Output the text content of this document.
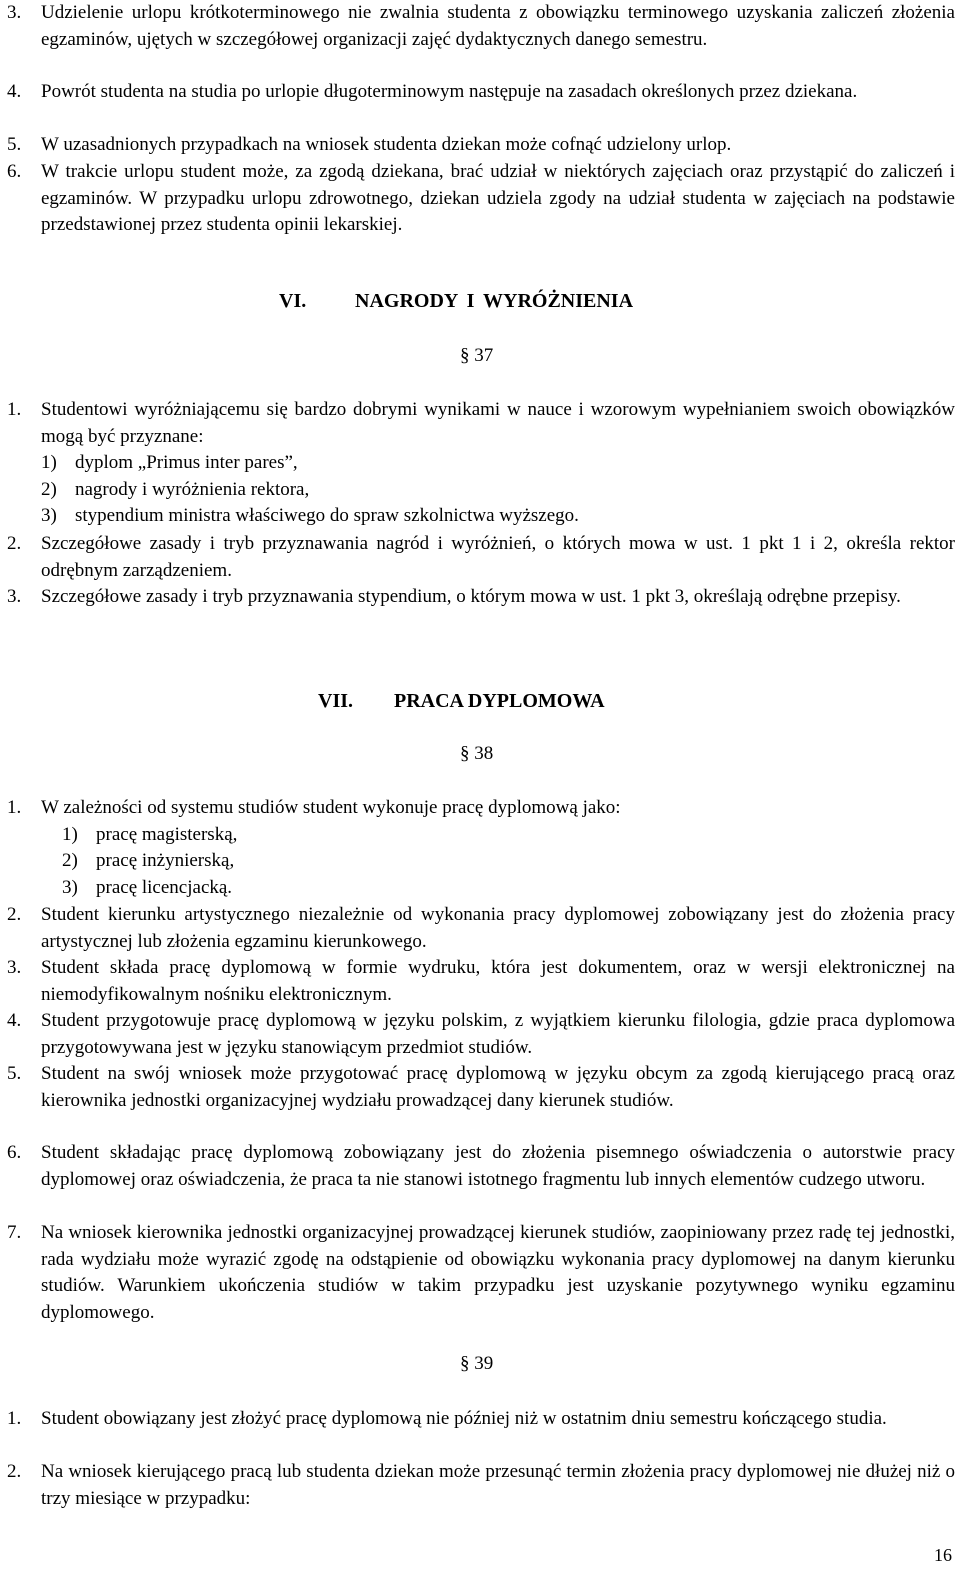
3. Udzielenie urlopu krótkoterminowego nie zwalnia studenta z obowiązku terminowego uzyskania zaliczeń złożenia egzaminów, ujętych w szczegółowej organizacji zajęć dydaktycznych danego semestru.
4. Powrót studenta na studia po urlopie długoterminowym następuje na zasadach określonych przez dziekana.
5. W uzasadnionych przypadkach na wniosek studenta dziekan może cofnąć udzielony urlop.
6. W trakcie urlopu student może, za zgodą dziekana, brać udział w niektórych zajęciach oraz przystąpić do zaliczeń i egzaminów. W przypadku urlopu zdrowotnego, dziekan udziela zgody na udział studenta w zajęciach na podstawie przedstawionej przez studenta opinii lekarskiej.
VI. NAGRODY I WYRÓŻNIENIA
§ 37
1. Studentowi wyróżniającemu się bardzo dobrymi wynikami w nauce i wzorowym wypełnianiem swoich obowiązków mogą być przyznane:
1) dyplom „Primus inter pares”,
2) nagrody i wyróżnienia rektora,
3) stypendium ministra właściwego do spraw szkolnictwa wyższego.
2. Szczegółowe zasady i tryb przyznawania nagród i wyróżnień, o których mowa w ust. 1 pkt 1 i 2, określa rektor odrębnym zarządzeniem.
3. Szczegółowe zasady i tryb przyznawania stypendium, o którym mowa w ust. 1 pkt 3, określają odrębne przepisy.
VII. PRACA DYPLOMOWA
§ 38
1. W zależności od systemu studiów student wykonuje pracę dyplomową jako:
1) pracę magisterską,
2) pracę inżynierską,
3) pracę licencjacką.
2. Student kierunku artystycznego niezależnie od wykonania pracy dyplomowej zobowiązany jest do złożenia pracy artystycznej lub złożenia egzaminu kierunkowego.
3. Student składa pracę dyplomową w formie wydruku, która jest dokumentem, oraz w wersji elektronicznej na niemodyfikowalnym nośniku elektronicznym.
4. Student przygotowuje pracę dyplomową w języku polskim, z wyjątkiem kierunku filologia, gdzie praca dyplomowa przygotowywana jest w języku stanowiącym przedmiot studiów.
5. Student na swój wniosek może przygotować pracę dyplomową w języku obcym za zgodą kierującego pracą oraz kierownika jednostki organizacyjnej wydziału prowadzącej dany kierunek studiów.
6. Student składając pracę dyplomową zobowiązany jest do złożenia pisemnego oświadczenia o autorstwie pracy dyplomowej oraz oświadczenia, że praca ta nie stanowi istotnego fragmentu lub innych elementów cudzego utworu.
7. Na wniosek kierownika jednostki organizacyjnej prowadzącej kierunek studiów, zaopiniowany przez radę tej jednostki, rada wydziału może wyrazić zgodę na odstąpienie od obowiązku wykonania pracy dyplomowej na danym kierunku studiów. Warunkiem ukończenia studiów w takim przypadku jest uzyskanie pozytywnego wyniku egzaminu dyplomowego.
§ 39
1. Student obowiązany jest złożyć pracę dyplomową nie później niż w ostatnim dniu semestru kończącego studia.
2. Na wniosek kierującego pracą lub studenta dziekan może przesunąć termin złożenia pracy dyplomowej nie dłużej niż o trzy miesiące w przypadku:
16
